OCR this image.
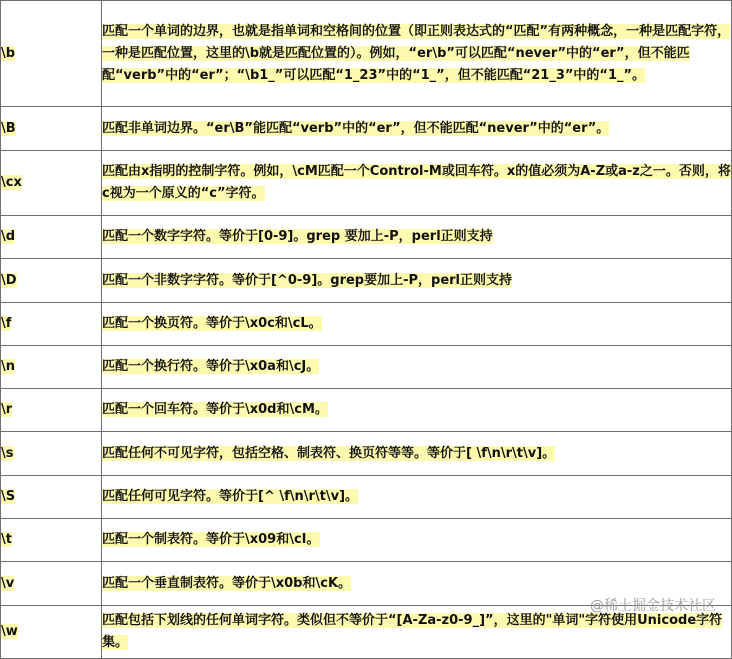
\b	匹配一个单词的边界，也就是指单词和空格间的位置（即正则表达式的“匹配”有两种概念，一种是匹配字符，一种是匹配位置，这里的\b就是匹配位置的）。例如，“er\b”可以匹配“never”中的“er”，但不能匹配“verb”中的“er”；“\b1_”可以匹配“1_23”中的“1_”，但不能匹配“21_3”中的“1_”。
\B	匹配非单词边界。“er\B”能匹配“verb”中的“er”，但不能匹配“never”中的“er”。
\cx	匹配由x指明的控制字符。例如，\cM匹配一个Control-M或回车符。x的值必须为A-Z或a-z之一。否则，将c视为一个原义的“c”字符。
\d	匹配一个数字字符。等价于[0-9]。grep 要加上-P，perl正则支持
\D	匹配一个非数字字符。等价于[^0-9]。grep要加上-P，perl正则支持
\f	匹配一个换页符。等价于\x0c和\cL。
\n	匹配一个换行符。等价于\x0a和\cJ。
\r	匹配一个回车符。等价于\x0d和\cM。
\s	匹配任何不可见字符，包括空格、制表符、换页符等等。等价于[ \f\n\r\t\v]。
\S	匹配任何可见字符。等价于[^ \f\n\r\t\v]。
\t	匹配一个制表符。等价于\x09和\cI。
\v	匹配一个垂直制表符。等价于\x0b和\cK。
\w	匹配包括下划线的任何单词字符。类似但不等价于“[A-Za-z0-9_]”，这里的"单词"字符使用Unicode字符集。
@稀土掘金技术社区
